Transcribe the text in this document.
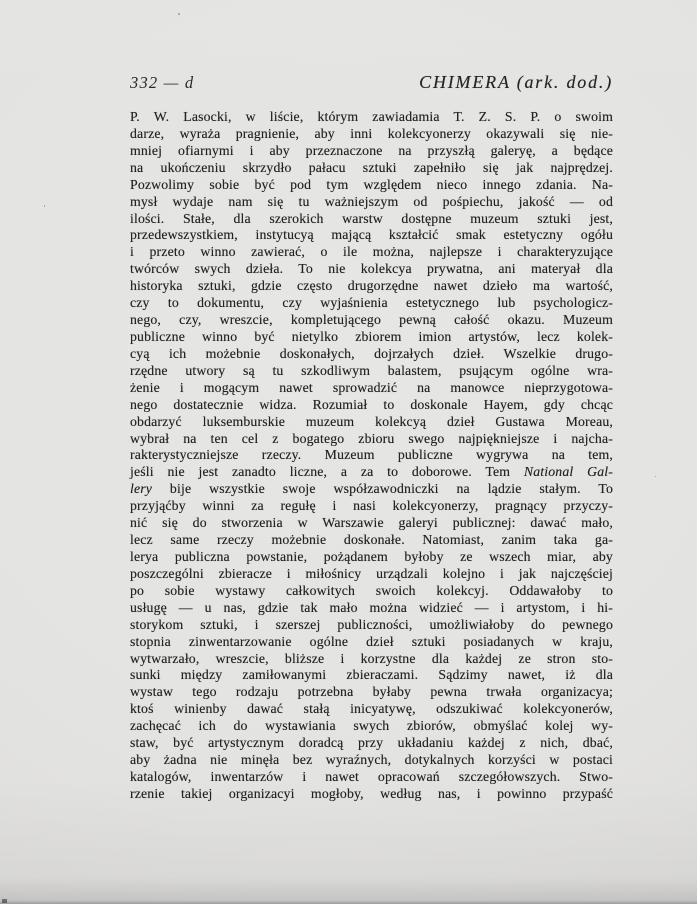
332 — d	CHIMERA (ark. dod.)
P. W. Lasocki, w liście, którym zawiadamia T. Z. S. P. o swoim
darze, wyraża pragnienie, aby inni kolekcyonerzy okazywali się nie-
mniej ofiarnymi i aby przeznaczone na przyszłą galeryę, a będące
na ukończeniu skrzydło pałacu sztuki zapełniło się jak najprędzej.
Pozwolimy sobie być pod tym względem nieco innego zdania. Na-
mysł wydaje nam się tu ważniejszym od pośpiechu, jakość — od
ilości. Stałe, dla szerokich warstw dostępne muzeum sztuki jest,
przedewszystkiem, instytucyą mającą kształcić smak estetyczny ogółu
i przeto winno zawierać, o ile można, najlepsze i charakteryzujące
twórców swych dzieła. To nie kolekcya prywatna, ani materyał dla
historyka sztuki, gdzie często drugorzędne nawet dzieło ma wartość,
czy to dokumentu, czy wyjaśnienia estetycznego lub psychologicz-
nego, czy, wreszcie, kompletującego pewną całość okazu. Muzeum
publiczne winno być nietylko zbiorem imion artystów, lecz kolek-
cyą ich możebnie doskonałych, dojrzałych dzieł. Wszelkie drugo-
rzędne utwory są tu szkodliwym balastem, psującym ogólne wra-
żenie i mogącym nawet sprowadzić na manowce nieprzygotowa-
nego dostatecznie widza. Rozumiał to doskonale Hayem, gdy chcąc
obdarzyć luksemburskie muzeum kolekcyą dzieł Gustawa Moreau,
wybrał na ten cel z bogatego zbioru swego najpiękniejsze i najcha-
rakterystyczniejsze rzeczy. Muzeum publiczne wygrywa na tem,
jeśli nie jest zanadto liczne, a za to doborowe. Tem National Gal-
lery bije wszystkie swoje współzawodniczki na lądzie stałym. To
przyjąćby winni za regułę i nasi kolekcyonerzy, pragnący przyczy-
nić się do stworzenia w Warszawie galeryi publicznej: dawać mało,
lecz same rzeczy możebnie doskonałe. Natomiast, zanim taka ga-
lerya publiczna powstanie, pożądanem byłoby ze wszech miar, aby
poszczególni zbieracze i miłośnicy urządzali kolejno i jak najczęściej
po sobie wystawy całkowitych swoich kolekcyj. Oddawałoby to
usługę — u nas, gdzie tak mało można widzieć — i artystom, i hi-
storykom sztuki, i szerszej publiczności, umożliwiałoby do pewnego
stopnia zinwentarzowanie ogólne dzieł sztuki posiadanych w kraju,
wytwarzało, wreszcie, bliższe i korzystne dla każdej ze stron sto-
sunki między zamiłowanymi zbieraczami. Sądzimy nawet, iż dla
wystaw tego rodzaju potrzebna byłaby pewna trwała organizacya;
ktoś winienby dawać stałą inicyatywę, odszukiwać kolekcyonerów,
zachęcać ich do wystawiania swych zbiorów, obmyślać kolej wy-
staw, być artystycznym doradcą przy układaniu każdej z nich, dbać,
aby żadna nie minęła bez wyraźnych, dotykalnych korzyści w postaci
katalogów, inwentarzów i nawet opracowań szczegółowszych. Stwo-
rzenie takiej organizacyi mogłoby, według nas, i powinno przypaść
